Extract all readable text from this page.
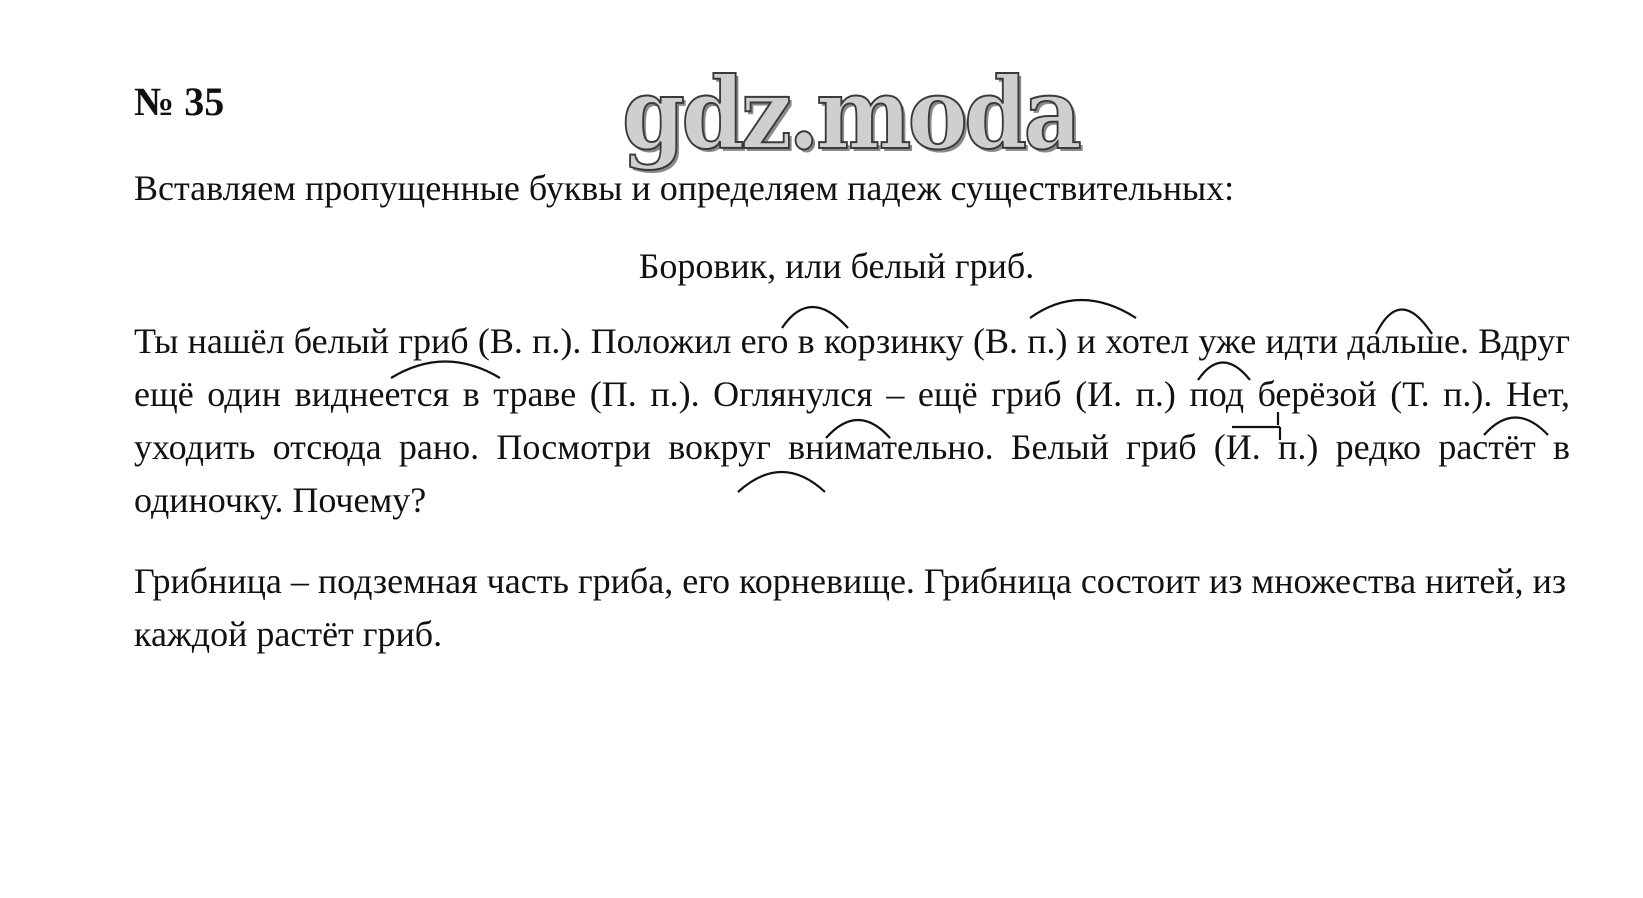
№ 35	gdz.moda

Вставляем пропущенные буквы и определяем падеж существительных:

Боровик, или белый гриб.

Ты нашёл белый гриб (В. п.). Положил его в корзинку (В. п.) и хотел уже идти дальше. Вдруг ещё один виднеется в траве (П. п.). Оглянулся – ещё гриб (И. п.) под берёзой (Т. п.). Нет, уходить отсюда рано. Посмотри вокруг внимательно. Белый гриб (И. п.) редко растёт в одиночку. Почему?

Грибница – подземная часть гриба, его корневище. Грибница состоит из множества нитей, из каждой растёт гриб.
